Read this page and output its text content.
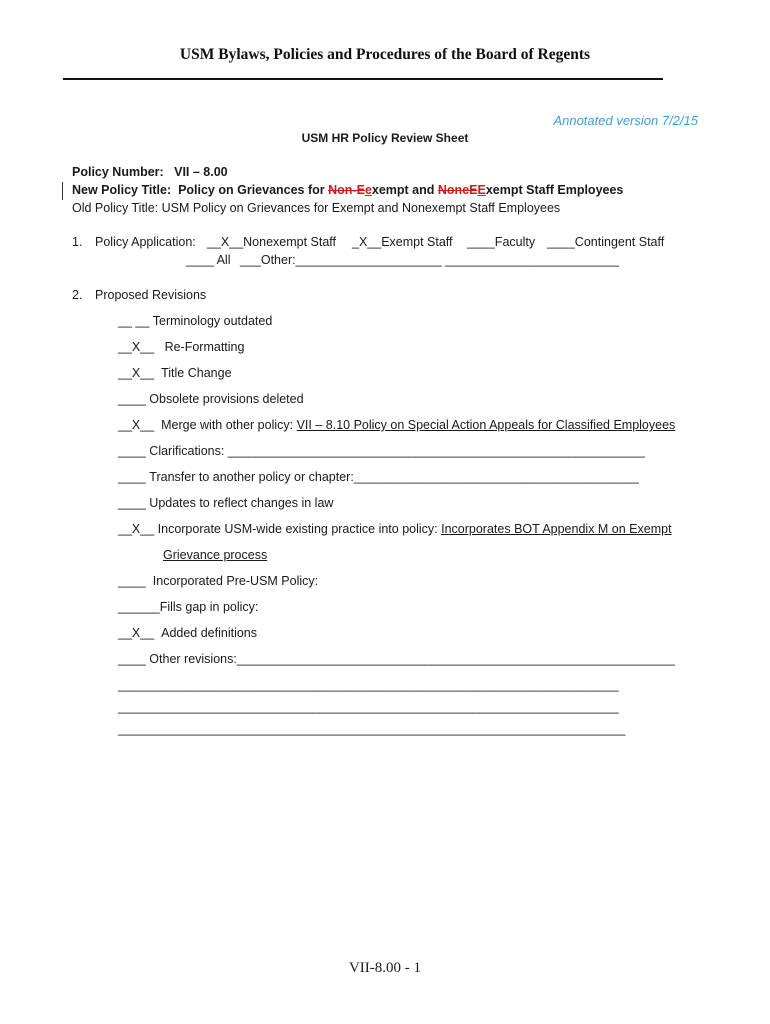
USM Bylaws, Policies and Procedures of the Board of Regents
Annotated version 7/2/15
USM HR Policy Review Sheet
Policy Number: VII – 8.00
New Policy Title: Policy on Grievances for Non-Eexempt and NoneEExempt Staff Employees
Old Policy Title: USM Policy on Grievances for Exempt and Nonexempt Staff Employees
1. Policy Application: __X__Nonexempt Staff _X__Exempt Staff ____Faculty ____Contingent Staff
____ All ___Other:_____________________ _________________________
2. Proposed Revisions
__ __ Terminology outdated
__X__ Re-Formatting
__X__ Title Change
____ Obsolete provisions deleted
__X__ Merge with other policy: VII – 8.10 Policy on Special Action Appeals for Classified Employees
____ Clarifications: ____________________________________________________________
____ Transfer to another policy or chapter:_________________________________________
____ Updates to reflect changes in law
__X__ Incorporate USM-wide existing practice into policy: Incorporates BOT Appendix M on Exempt
Grievance process
____ Incorporated Pre-USM Policy:
______Fills gap in policy:
__X__ Added definitions
____ Other revisions:_______________________________________________________________
________________________________________________________________________
________________________________________________________________________
_________________________________________________________________________
VII-8.00 - 1
